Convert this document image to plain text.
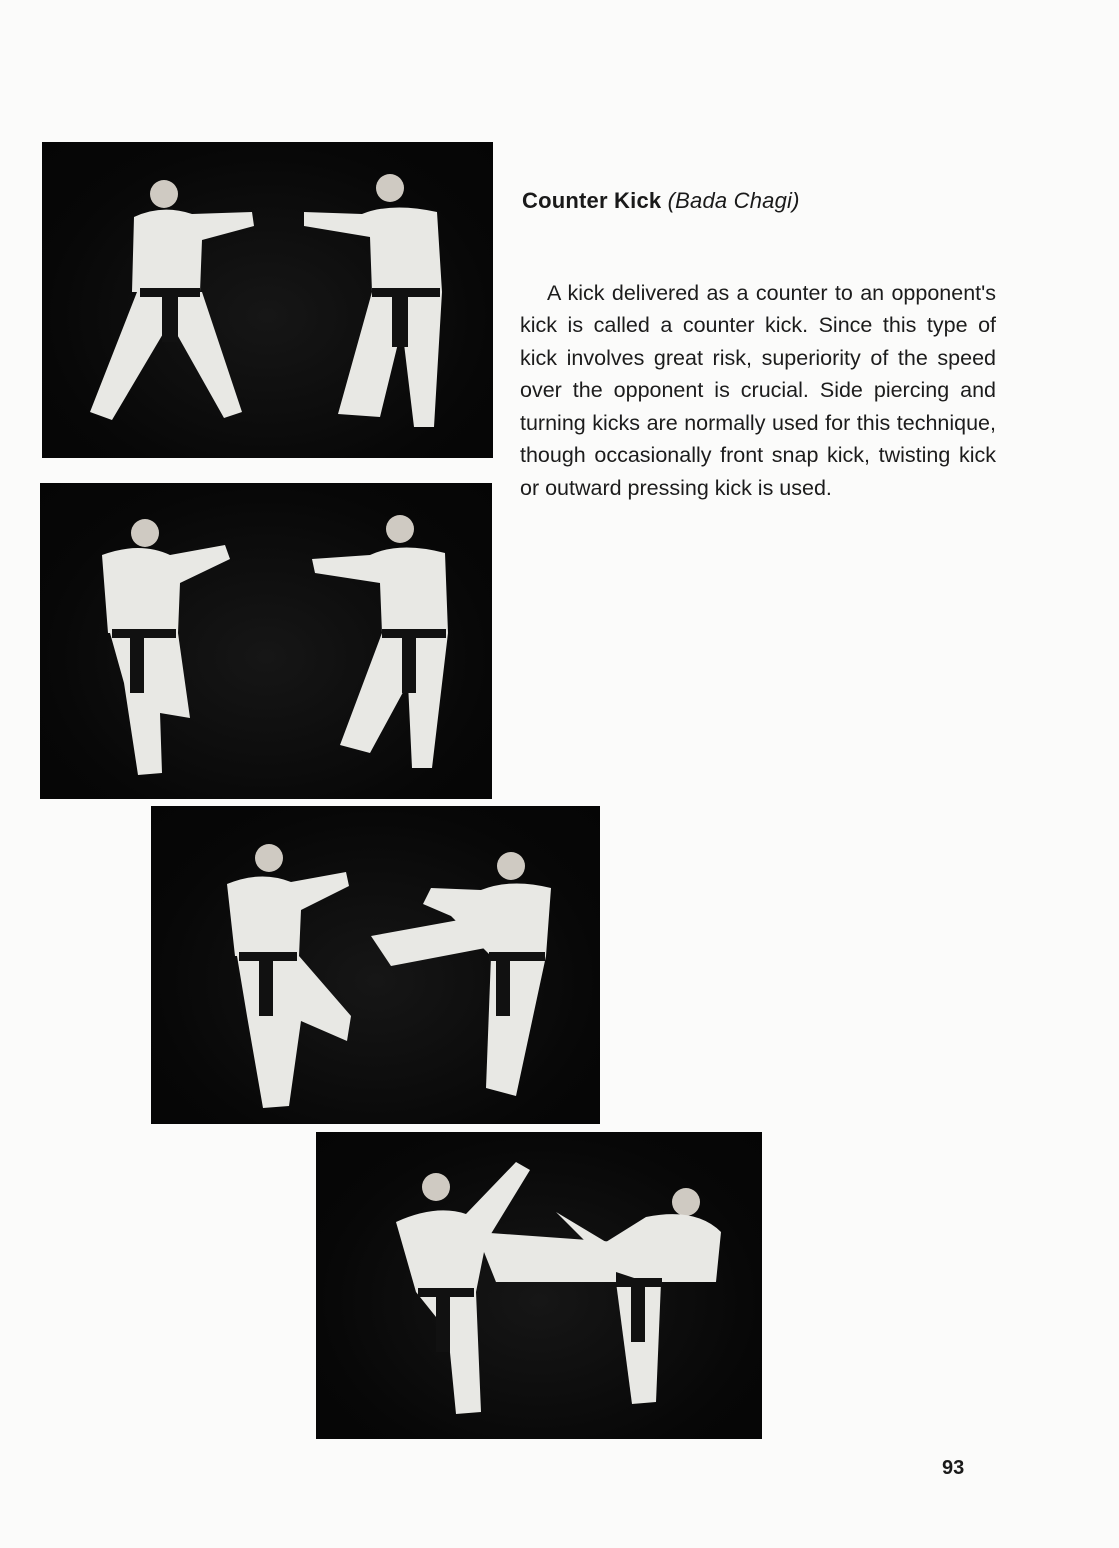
Counter Kick (Bada Chagi)

A kick delivered as a counter to an opponent's kick is called a counter kick. Since this type of kick involves great risk, superiority of the speed over the opponent is crucial. Side piercing and turning kicks are normally used for this technique, though occasionally front snap kick, twisting kick or outward pressing kick is used.

93
